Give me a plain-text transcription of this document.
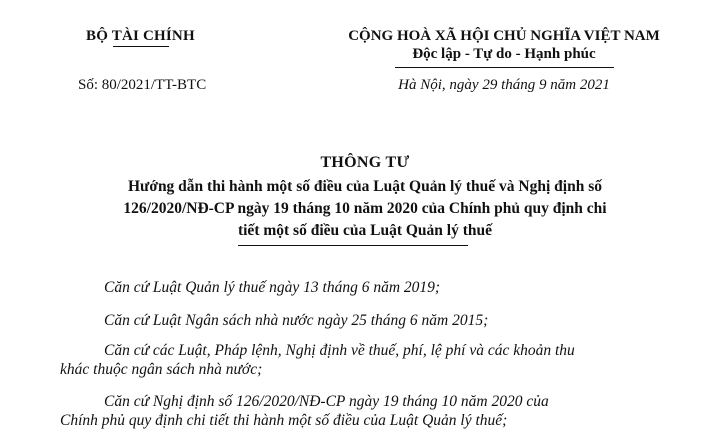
BỘ TÀI CHÍNH
Số: 80/2021/TT-BTC
CỘNG HOÀ XÃ HỘI CHỦ NGHĨA VIỆT NAM
Độc lập - Tự do - Hạnh phúc
Hà Nội, ngày 29 tháng 9 năm 2021
THÔNG TƯ
Hướng dẫn thi hành một số điều của Luật Quản lý thuế và Nghị định số
126/2020/NĐ-CP ngày 19 tháng 10 năm 2020 của Chính phủ quy định chi
tiết một số điều của Luật Quản lý thuế
Căn cứ Luật Quản lý thuế ngày 13 tháng 6 năm 2019;
Căn cứ Luật Ngân sách nhà nước ngày 25 tháng 6 năm 2015;
Căn cứ các Luật, Pháp lệnh, Nghị định về thuế, phí, lệ phí và các khoản thu
khác thuộc ngân sách nhà nước;
Căn cứ Nghị định số 126/2020/NĐ-CP ngày 19 tháng 10 năm 2020 của
Chính phủ quy định chi tiết thi hành một số điều của Luật Quản lý thuế;
